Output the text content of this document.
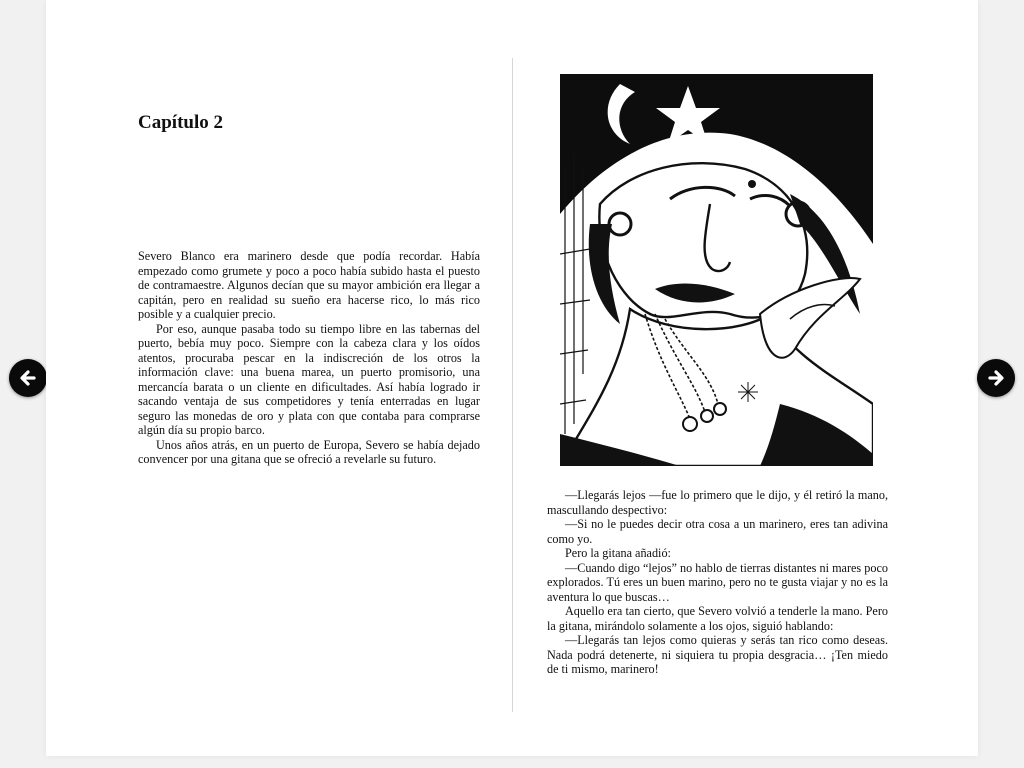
Capítulo 2

Severo Blanco era marinero desde que podía recordar. Había empezado como grumete y poco a poco había subido hasta el puesto de contramaestre. Algunos decían que su mayor ambición era llegar a capitán, pero en realidad su sueño era hacerse rico, lo más rico posible y a cualquier precio.

Por eso, aunque pasaba todo su tiempo libre en las tabernas del puerto, bebía muy poco. Siempre con la cabeza clara y los oídos atentos, procuraba pescar en la indiscreción de los otros la información clave: una buena marea, un puerto promisorio, una mercancía barata o un cliente en dificultades. Así había logrado ir sacando ventaja de sus competidores y tenía enterradas en lugar seguro las monedas de oro y plata con que contaba para comprarse algún día su propio barco.

Unos años atrás, en un puerto de Europa, Severo se había dejado convencer por una gitana que se ofreció a revelarle su futuro.

—Llegarás lejos —fue lo primero que le dijo, y él retiró la mano, mascullando despectivo:

—Si no le puedes decir otra cosa a un marinero, eres tan adivina como yo.

Pero la gitana añadió:

—Cuando digo “lejos” no hablo de tierras distantes ni mares poco explorados. Tú eres un buen marino, pero no te gusta viajar y no es la aventura lo que buscas…

Aquello era tan cierto, que Severo volvió a tenderle la mano. Pero la gitana, mirándolo solamente a los ojos, siguió hablando:

—Llegarás tan lejos como quieras y serás tan rico como deseas. Nada podrá detenerte, ni siquiera tu propia desgracia… ¡Ten miedo de ti mismo, marinero!
